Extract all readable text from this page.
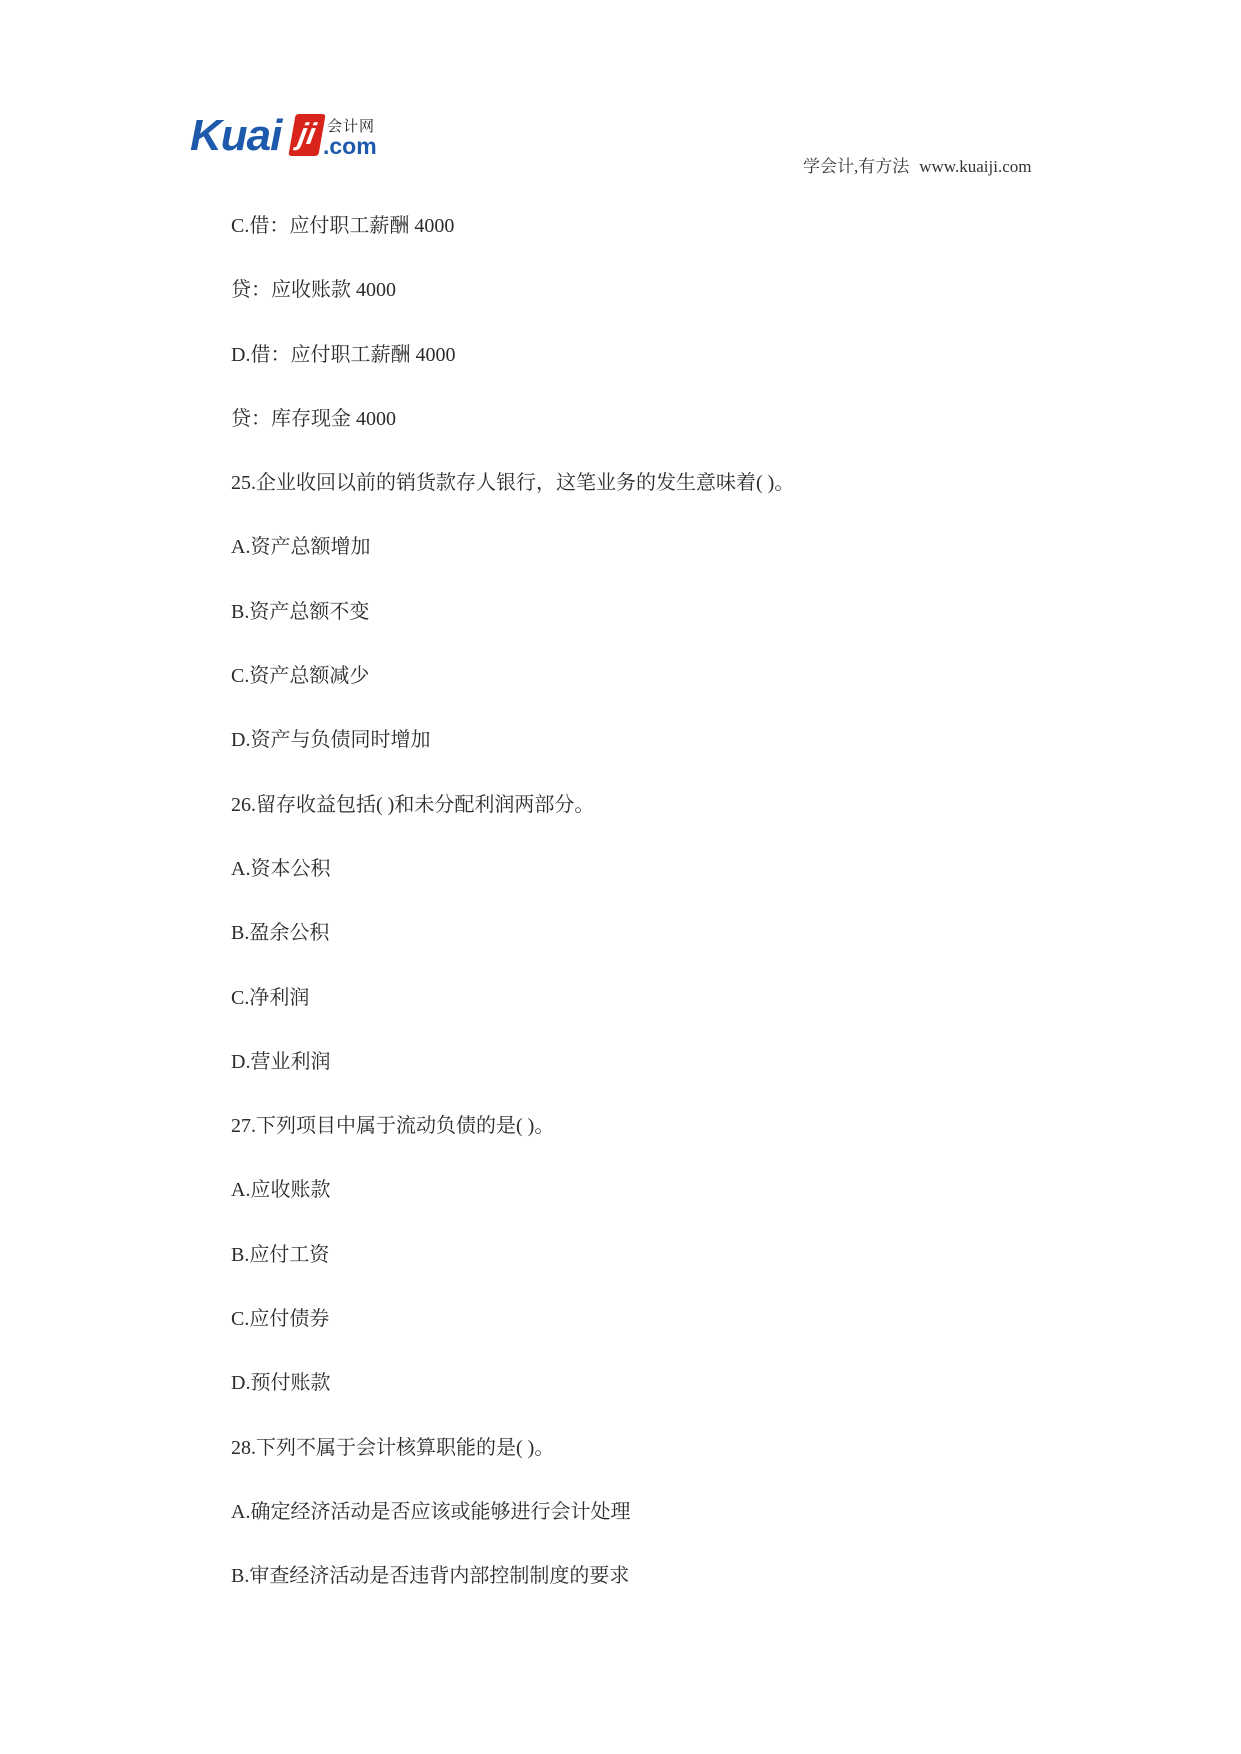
Kuai ji 会计网
.com
学会计,有方法 www.kuaiji.com

C.借：应付职工薪酬 4000

贷：应收账款 4000

D.借：应付职工薪酬 4000

贷：库存现金 4000

25.企业收回以前的销货款存人银行，这笔业务的发生意味着( )。

A.资产总额增加

B.资产总额不变

C.资产总额减少

D.资产与负债同时增加

26.留存收益包括( )和未分配利润两部分。

A.资本公积

B.盈余公积

C.净利润

D.营业利润

27.下列项目中属于流动负债的是( )。

A.应收账款

B.应付工资

C.应付债券

D.预付账款

28.下列不属于会计核算职能的是( )。

A.确定经济活动是否应该或能够进行会计处理

B.审查经济活动是否违背内部控制制度的要求
